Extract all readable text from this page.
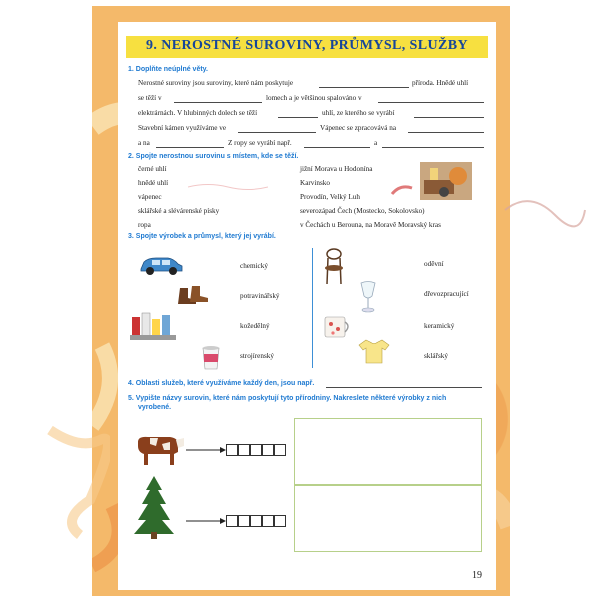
9. NEROSTNÉ SUROVINY, PRŮMYSL, SLUŽBY
1. Doplňte neúplné věty.
Nerostné suroviny jsou suroviny, které nám poskytuje	příroda. Hnědé uhlí
se těží v	lomech a je většinou spalováno v
elektrárnách. V hlubinných dolech se těží	uhlí, ze kterého se vyrábí
Stavební kámen využíváme ve	Vápenec se zpracovává na
a na	Z ropy se vyrábí např.	a
2. Spojte nerostnou surovinu s místem, kde se těží.
černé uhlí
hnědé uhlí
vápenec
sklářské a slévárenské písky
ropa
jižní Morava u Hodonína
Karvinsko
Provodín, Velký Luh
severozápad Čech (Mostecko, Sokolovsko)
v Čechách u Berouna, na Moravě Moravský kras
3. Spojte výrobek a průmysl, který jej vyrábí.
chemický
potravinářský
kožedělný
strojírenský
oděvní
dřevozpracující
keramický
sklářský
4. Oblasti služeb, které využíváme každý den, jsou např.
5. Vypište názvy surovin, které nám poskytují tyto přírodniny. Nakreslete některé výrobky z nich
vyrobené.
19
